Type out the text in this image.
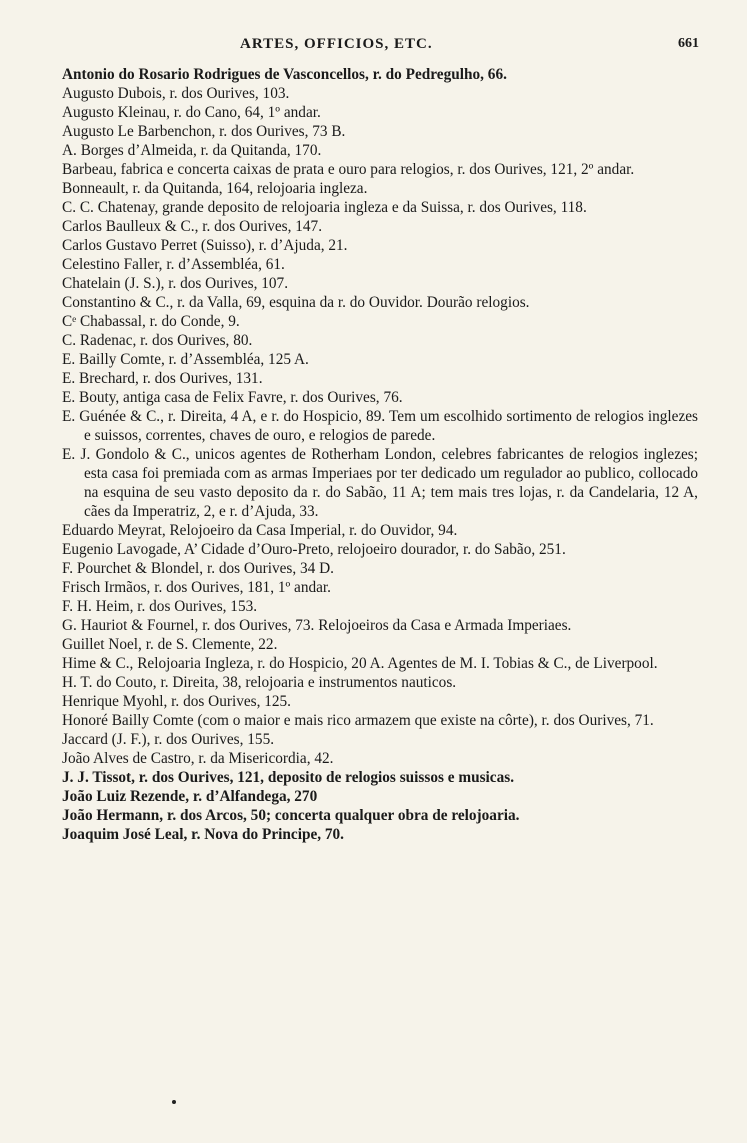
ARTES, OFFICIOS, ETC.	661

Antonio do Rosario Rodrigues de Vasconcellos, r. do Pedregulho, 66.

Augusto Dubois, r. dos Ourives, 103.

Augusto Kleinau, r. do Cano, 64, 1º andar.

Augusto Le Barbenchon, r. dos Ourives, 73 B.

A. Borges d’Almeida, r. da Quitanda, 170.

Barbeau, fabrica e concerta caixas de prata e ouro para relogios, r. dos Ourives, 121, 2º andar.

Bonneault, r. da Quitanda, 164, relojoaria ingleza.

C. C. Chatenay, grande deposito de relojoaria ingleza e da Suissa, r. dos Ourives, 118.

Carlos Baulleux & C., r. dos Ourives, 147.

Carlos Gustavo Perret (Suisso), r. d’Ajuda, 21.

Celestino Faller, r. d’Assembléa, 61.

Chatelain (J. S.), r. dos Ourives, 107.

Constantino & C., r. da Valla, 69, esquina da r. do Ouvidor. Dourão relogios.

Cᵉ Chabassal, r. do Conde, 9.

C. Radenac, r. dos Ourives, 80.

E. Bailly Comte, r. d’Assembléa, 125 A.

E. Brechard, r. dos Ourives, 131.

E. Bouty, antiga casa de Felix Favre, r. dos Ourives, 76.

E. Guénée & C., r. Direita, 4 A, e r. do Hospicio, 89. Tem um escolhido sortimento de relogios inglezes e suissos, correntes, chaves de ouro, e relogios de parede.

E. J. Gondolo & C., unicos agentes de Rotherham London, celebres fabricantes de relogios inglezes; esta casa foi premiada com as armas Imperiaes por ter dedicado um regulador ao publico, collocado na esquina de seu vasto deposito da r. do Sabão, 11 A; tem mais tres lojas, r. da Candelaria, 12 A, cães da Imperatriz, 2, e r. d’Ajuda, 33.

Eduardo Meyrat, Relojoeiro da Casa Imperial, r. do Ouvidor, 94.

Eugenio Lavogade, A’ Cidade d’Ouro-Preto, relojoeiro dourador, r. do Sabão, 251.

F. Pourchet & Blondel, r. dos Ourives, 34 D.

Frisch Irmãos, r. dos Ourives, 181, 1º andar.

F. H. Heim, r. dos Ourives, 153.

G. Hauriot & Fournel, r. dos Ourives, 73. Relojoeiros da Casa e Armada Imperiaes.

Guillet Noel, r. de S. Clemente, 22.

Hime & C., Relojoaria Ingleza, r. do Hospicio, 20 A. Agentes de M. I. Tobias & C., de Liverpool.

H. T. do Couto, r. Direita, 38, relojoaria e instrumentos nauticos.

Henrique Myohl, r. dos Ourives, 125.

Honoré Bailly Comte (com o maior e mais rico armazem que existe na côrte), r. dos Ourives, 71.

Jaccard (J. F.), r. dos Ourives, 155.

João Alves de Castro, r. da Misericordia, 42.

J. J. Tissot, r. dos Ourives, 121, deposito de relogios suissos e musicas.

João Luiz Rezende, r. d’Alfandega, 270

João Hermann, r. dos Arcos, 50; concerta qualquer obra de relojoaria.

Joaquim José Leal, r. Nova do Principe, 70.
